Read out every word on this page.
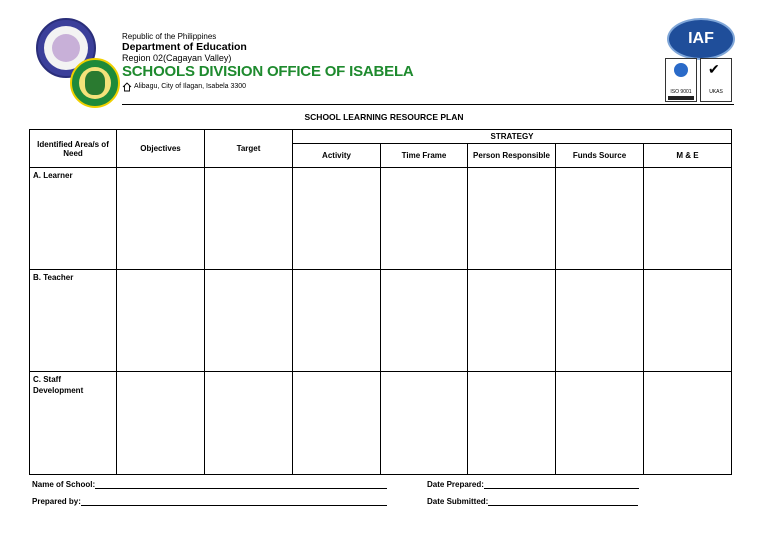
Republic of the Philippines
Department of Education
Region 02(Cagayan Valley)
SCHOOLS DIVISION OFFICE OF ISABELA
Alibagu, City of Ilagan, Isabela 3300
IAF
ISO 9001
✔
UKAS
SCHOOL LEARNING RESOURCE PLAN
Identified Area/s of Need	Objectives	Target	STRATEGY				
			Activity	Time Frame	Person Responsible	Funds Source	M & E
A. Learner							
B. Teacher							
C. Staff Development							
Name of School:
Prepared by:
Date Prepared:
Date Submitted:
